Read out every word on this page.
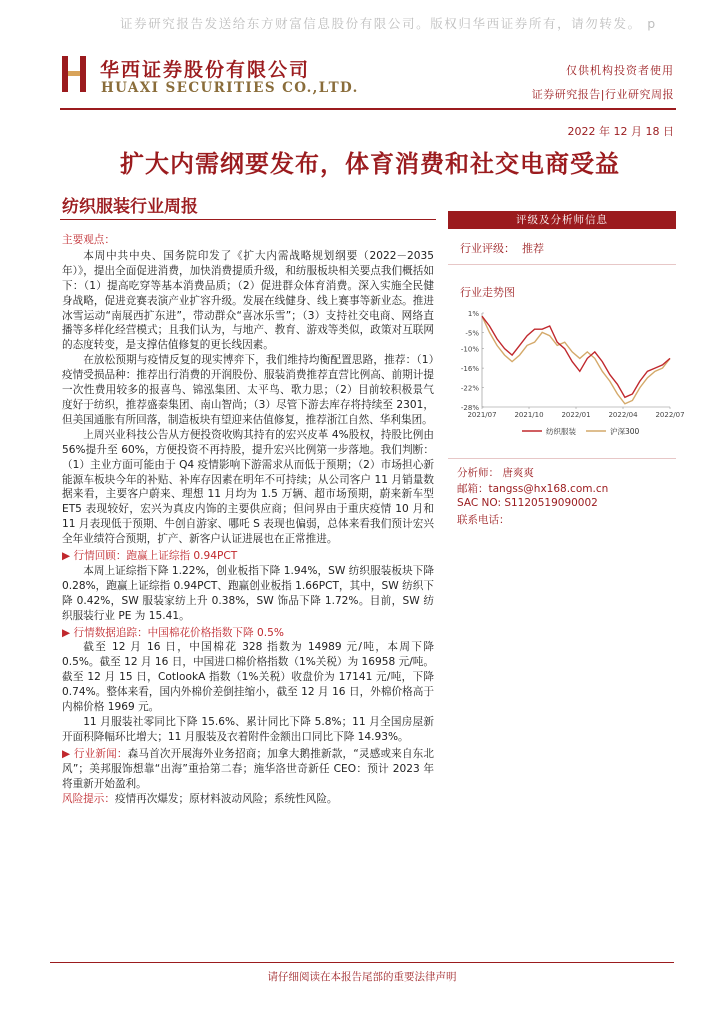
证券研究报告发送给东方财富信息股份有限公司。版权归华西证券所有，请勿转发。 p
华西证券股份有限公司
HUAXI SECURITIES CO.,LTD.
仅供机构投资者使用
证券研究报告|行业研究周报
2022 年 12 月 18 日
扩大内需纲要发布，体育消费和社交电商受益
纺织服装行业周报

主要观点：

本周中共中央、国务院印发了《扩大内需战略规划纲要（2022－2035 年）》，提出全面促进消费，加快消费提质升级，和纺服板块相关要点我们概括如下：（1）提高吃穿等基本消费品质；（2）促进群众体育消费。深入实施全民健身战略，促进竞赛表演产业扩容升级。发展在线健身、线上赛事等新业态。推进冰雪运动“南展西扩东进”，带动群众“喜冰乐雪”；（3）支持社交电商、网络直播等多样化经营模式；且我们认为，与地产、教育、游戏等类似，政策对互联网的态度转变，是支撑估值修复的更长线因素。

在放松预期与疫情反复的现实博弈下，我们维持均衡配置思路，推荐：（1）疫情受损品种：推荐出行消费的开润股份、服装消费推荐直营比例高、前期计提一次性费用较多的报喜鸟、锦泓集团、太平鸟、歌力思；（2）目前较积极景气度好于纺织，推荐盛泰集团、南山智尚；（3）尽管下游去库存将持续至 2301，但美国通胀有所回落，制造板块有望迎来估值修复，推荐浙江自然、华利集团。

上周兴业科技公告从方便投资收购其持有的宏兴皮革 4%股权，持股比例由 56%提升至 60%，方便投资不再持股，提升宏兴比例第一步落地。我们判断：（1）主业方面可能由于 Q4 疫情影响下游需求从而低于预期；（2）市场担心新能源车板块今年的补贴、补库存因素在明年不可持续；从公司客户 11 月销量数据来看，主要客户蔚来、理想 11 月均为 1.5 万辆、超市场预期，蔚来新车型 ET5 表现较好，宏兴为真皮内饰的主要供应商；但问界由于重庆疫情 10 月和 11 月表现低于预期、牛创自游家、哪吒 S 表现也偏弱，总体来看我们预计宏兴全年业绩符合预期，扩产、新客户认证进展也在正常推进。

▶ 行情回顾：跑赢上证综指 0.94PCT

本周上证综指下降 1.22%，创业板指下降 1.94%，SW 纺织服装板块下降 0.28%，跑赢上证综指 0.94PCT、跑赢创业板指 1.66PCT，其中，SW 纺织下降 0.42%，SW 服装家纺上升 0.38%，SW 饰品下降 1.72%。目前，SW 纺织服装行业 PE 为 15.41。

▶ 行情数据追踪：中国棉花价格指数下降 0.5%

截至 12 月 16 日，中国棉花 328 指数为 14989 元/吨，本周下降 0.5%。截至 12 月 16 日，中国进口棉价格指数（1%关税）为 16958 元/吨。截至 12 月 15 日，CotlookA 指数（1%关税）收盘价为 17141 元/吨，下降 0.74%。整体来看，国内外棉价差倒挂缩小，截至 12 月 16 日，外棉价格高于内棉价格 1969 元。

11 月服装社零同比下降 15.6%、累计同比下降 5.8%；11 月全国房屋新开面积降幅环比增大；11 月服装及衣着附件金额出口同比下降 14.93%。

▶ 行业新闻：森马首次开展海外业务招商；加拿大鹅推新款，“灵感或来自东北风”；美邦服饰想靠“出海”重拾第二春；施华洛世奇新任 CEO：预计 2023 年将重新开始盈利。

风险提示：疫情再次爆发；原材料波动风险；系统性风险。

评级及分析师信息
行业评级： 推荐
行业走势图
1%
-5%
-10%
-16%
-22%
-28%
2021/07	2021/10	2022/01	2022/04	2022/07
纺织服装	沪深300
分析师： 唐爽爽
邮箱：tangss@hx168.com.cn
SAC NO: S1120519090002
联系电话：
请仔细阅读在本报告尾部的重要法律声明
